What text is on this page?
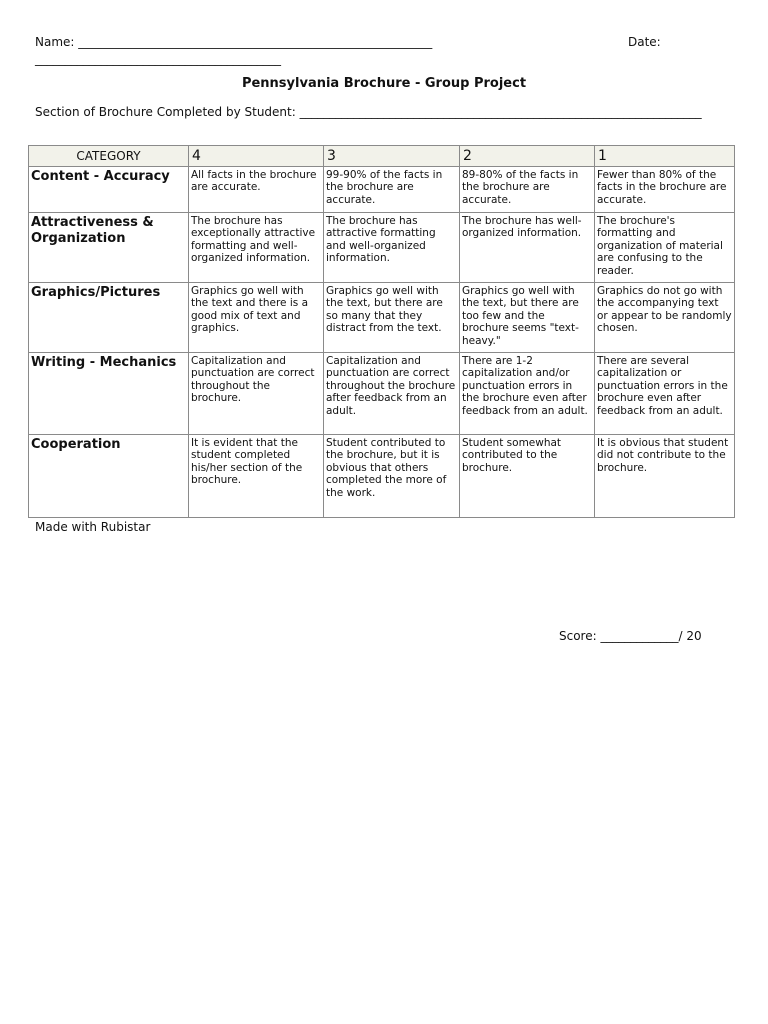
Name: ___________________________________________________________	Date:
_________________________________________
Pennsylvania Brochure - Group Project
Section of Brochure Completed by Student: ___________________________________________________________________
CATEGORY	4	3	2	1
Content - Accuracy	All facts in the brochure are accurate.	99-90% of the facts in the brochure are accurate.	89-80% of the facts in the brochure are accurate.	Fewer than 80% of the facts in the brochure are accurate.
Attractiveness & Organization	The brochure has exceptionally attractive formatting and well-organized information.	The brochure has attractive formatting and well-organized information.	The brochure has well-organized information.	The brochure's formatting and organization of material are confusing to the reader.
Graphics/Pictures	Graphics go well with the text and there is a good mix of text and graphics.	Graphics go well with the text, but there are so many that they distract from the text.	Graphics go well with the text, but there are too few and the brochure seems "text-heavy."	Graphics do not go with the accompanying text or appear to be randomly chosen.
Writing - Mechanics	Capitalization and punctuation are correct throughout the brochure.	Capitalization and punctuation are correct throughout the brochure after feedback from an adult.	There are 1-2 capitalization and/or punctuation errors in the brochure even after feedback from an adult.	There are several capitalization or punctuation errors in the brochure even after feedback from an adult.
Cooperation	It is evident that the student completed his/her section of the brochure.	Student contributed to the brochure, but it is obvious that others completed the more of the work.	Student somewhat contributed to the brochure.	It is obvious that student did not contribute to the brochure.
Made with Rubistar
Score: _____________/ 20
